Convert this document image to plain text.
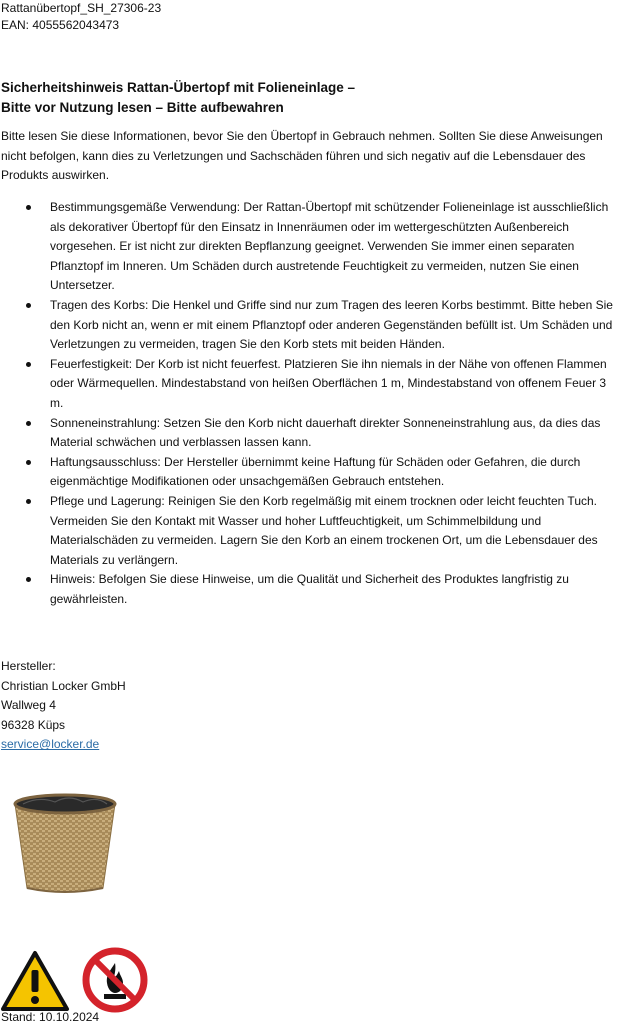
Rattanübertopf_SH_27306-23
EAN: 4055562043473
Sicherheitshinweis Rattan-Übertopf mit Folieneinlage –
Bitte vor Nutzung lesen – Bitte aufbewahren
Bitte lesen Sie diese Informationen, bevor Sie den Übertopf in Gebrauch nehmen. Sollten Sie diese Anweisungen nicht befolgen, kann dies zu Verletzungen und Sachschäden führen und sich negativ auf die Lebensdauer des Produkts auswirken.
Bestimmungsgemäße Verwendung: Der Rattan-Übertopf mit schützender Folieneinlage ist ausschließlich als dekorativer Übertopf für den Einsatz in Innenräumen oder im wettergeschützten Außenbereich vorgesehen. Er ist nicht zur direkten Bepflanzung geeignet. Verwenden Sie immer einen separaten Pflanztopf im Inneren. Um Schäden durch austretende Feuchtigkeit zu vermeiden, nutzen Sie einen Untersetzer.
Tragen des Korbs: Die Henkel und Griffe sind nur zum Tragen des leeren Korbs bestimmt. Bitte heben Sie den Korb nicht an, wenn er mit einem Pflanztopf oder anderen Gegenständen befüllt ist. Um Schäden und Verletzungen zu vermeiden, tragen Sie den Korb stets mit beiden Händen.
Feuerfestigkeit: Der Korb ist nicht feuerfest. Platzieren Sie ihn niemals in der Nähe von offenen Flammen oder Wärmequellen. Mindestabstand von heißen Oberflächen 1 m, Mindestabstand von offenem Feuer 3 m.
Sonneneinstrahlung: Setzen Sie den Korb nicht dauerhaft direkter Sonneneinstrahlung aus, da dies das Material schwächen und verblassen lassen kann.
Haftungsausschluss: Der Hersteller übernimmt keine Haftung für Schäden oder Gefahren, die durch eigenmächtige Modifikationen oder unsachgemäßen Gebrauch entstehen.
Pflege und Lagerung: Reinigen Sie den Korb regelmäßig mit einem trocknen oder leicht feuchten Tuch. Vermeiden Sie den Kontakt mit Wasser und hoher Luftfeuchtigkeit, um Schimmelbildung und Materialschäden zu vermeiden. Lagern Sie den Korb an einem trockenen Ort, um die Lebensdauer des Materials zu verlängern.
Hinweis: Befolgen Sie diese Hinweise, um die Qualität und Sicherheit des Produktes langfristig zu gewährleisten.
Hersteller:
Christian Locker GmbH
Wallweg 4
96328 Küps
service@locker.de
Stand: 10.10.2024
